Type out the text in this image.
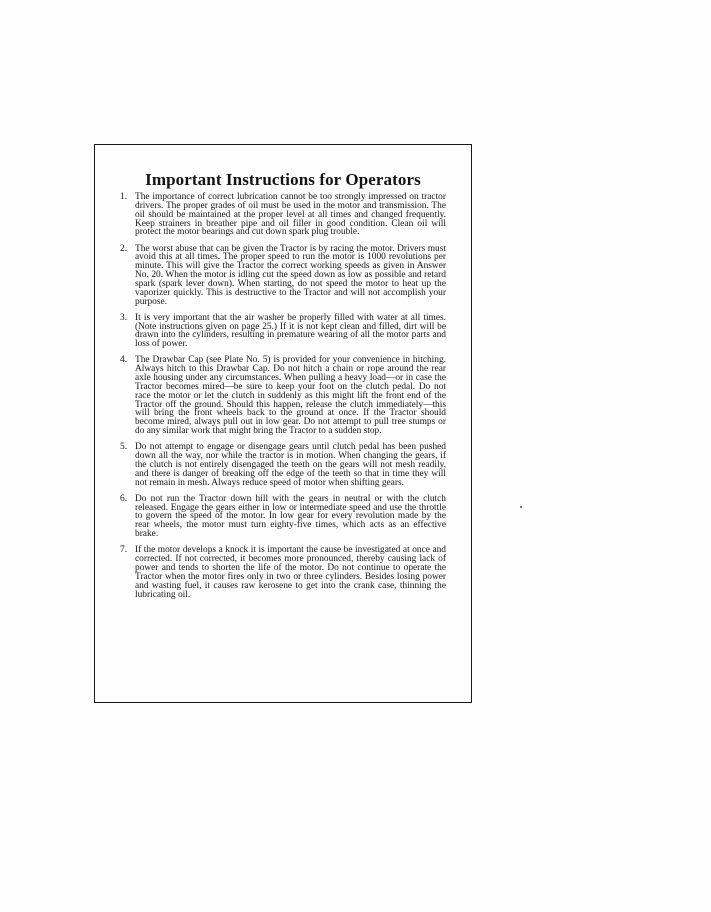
Important Instructions for Operators
1. The importance of correct lubrication cannot be too strongly impressed on tractor drivers. The proper grades of oil must be used in the motor and transmission. The oil should be maintained at the proper level at all times and changed frequently. Keep strainers in breather pipe and oil filler in good condition. Clean oil will protect the motor bearings and cut down spark plug trouble.
2. The worst abuse that can be given the Tractor is by racing the motor. Drivers must avoid this at all times. The proper speed to run the motor is 1000 revolutions per minute. This will give the Tractor the correct working speeds as given in Answer No. 20. When the motor is idling cut the speed down as low as possible and retard spark (spark lever down). When starting, do not speed the motor to heat up the vaporizer quickly. This is destructive to the Tractor and will not accomplish your purpose.
3. It is very important that the air washer be properly filled with water at all times. (Note instructions given on page 25.) If it is not kept clean and filled, dirt will be drawn into the cylinders, resulting in premature wearing of all the motor parts and loss of power.
4. The Drawbar Cap (see Plate No. 5) is provided for your convenience in hitching. Always hitch to this Drawbar Cap. Do not hitch a chain or rope around the rear axle housing under any circumstances. When pulling a heavy load—or in case the Tractor becomes mired—be sure to keep your foot on the clutch pedal. Do not race the motor or let the clutch in suddenly as this might lift the front end of the Tractor off the ground. Should this happen, release the clutch immediately—this will bring the front wheels back to the ground at once. If the Tractor should become mired, always pull out in low gear. Do not attempt to pull tree stumps or do any similar work that might bring the Tractor to a sudden stop.
5. Do not attempt to engage or disengage gears until clutch pedal has been pushed down all the way, nor while the tractor is in motion. When changing the gears, if the clutch is not entirely disengaged the teeth on the gears will not mesh readily, and there is danger of breaking off the edge of the teeth so that in time they will not remain in mesh. Always reduce speed of motor when shifting gears.
6. Do not run the Tractor down hill with the gears in neutral or with the clutch released. Engage the gears either in low or intermediate speed and use the throttle to govern the speed of the motor. In low gear for every revolution made by the rear wheels, the motor must turn eighty-five times, which acts as an effective brake.
7. If the motor develops a knock it is important the cause be investigated at once and corrected. If not corrected, it becomes more pronounced, thereby causing lack of power and tends to shorten the life of the motor. Do not continue to operate the Tractor when the motor fires only in two or three cylinders. Besides losing power and wasting fuel, it causes raw kerosene to get into the crank case, thinning the lubricating oil.
